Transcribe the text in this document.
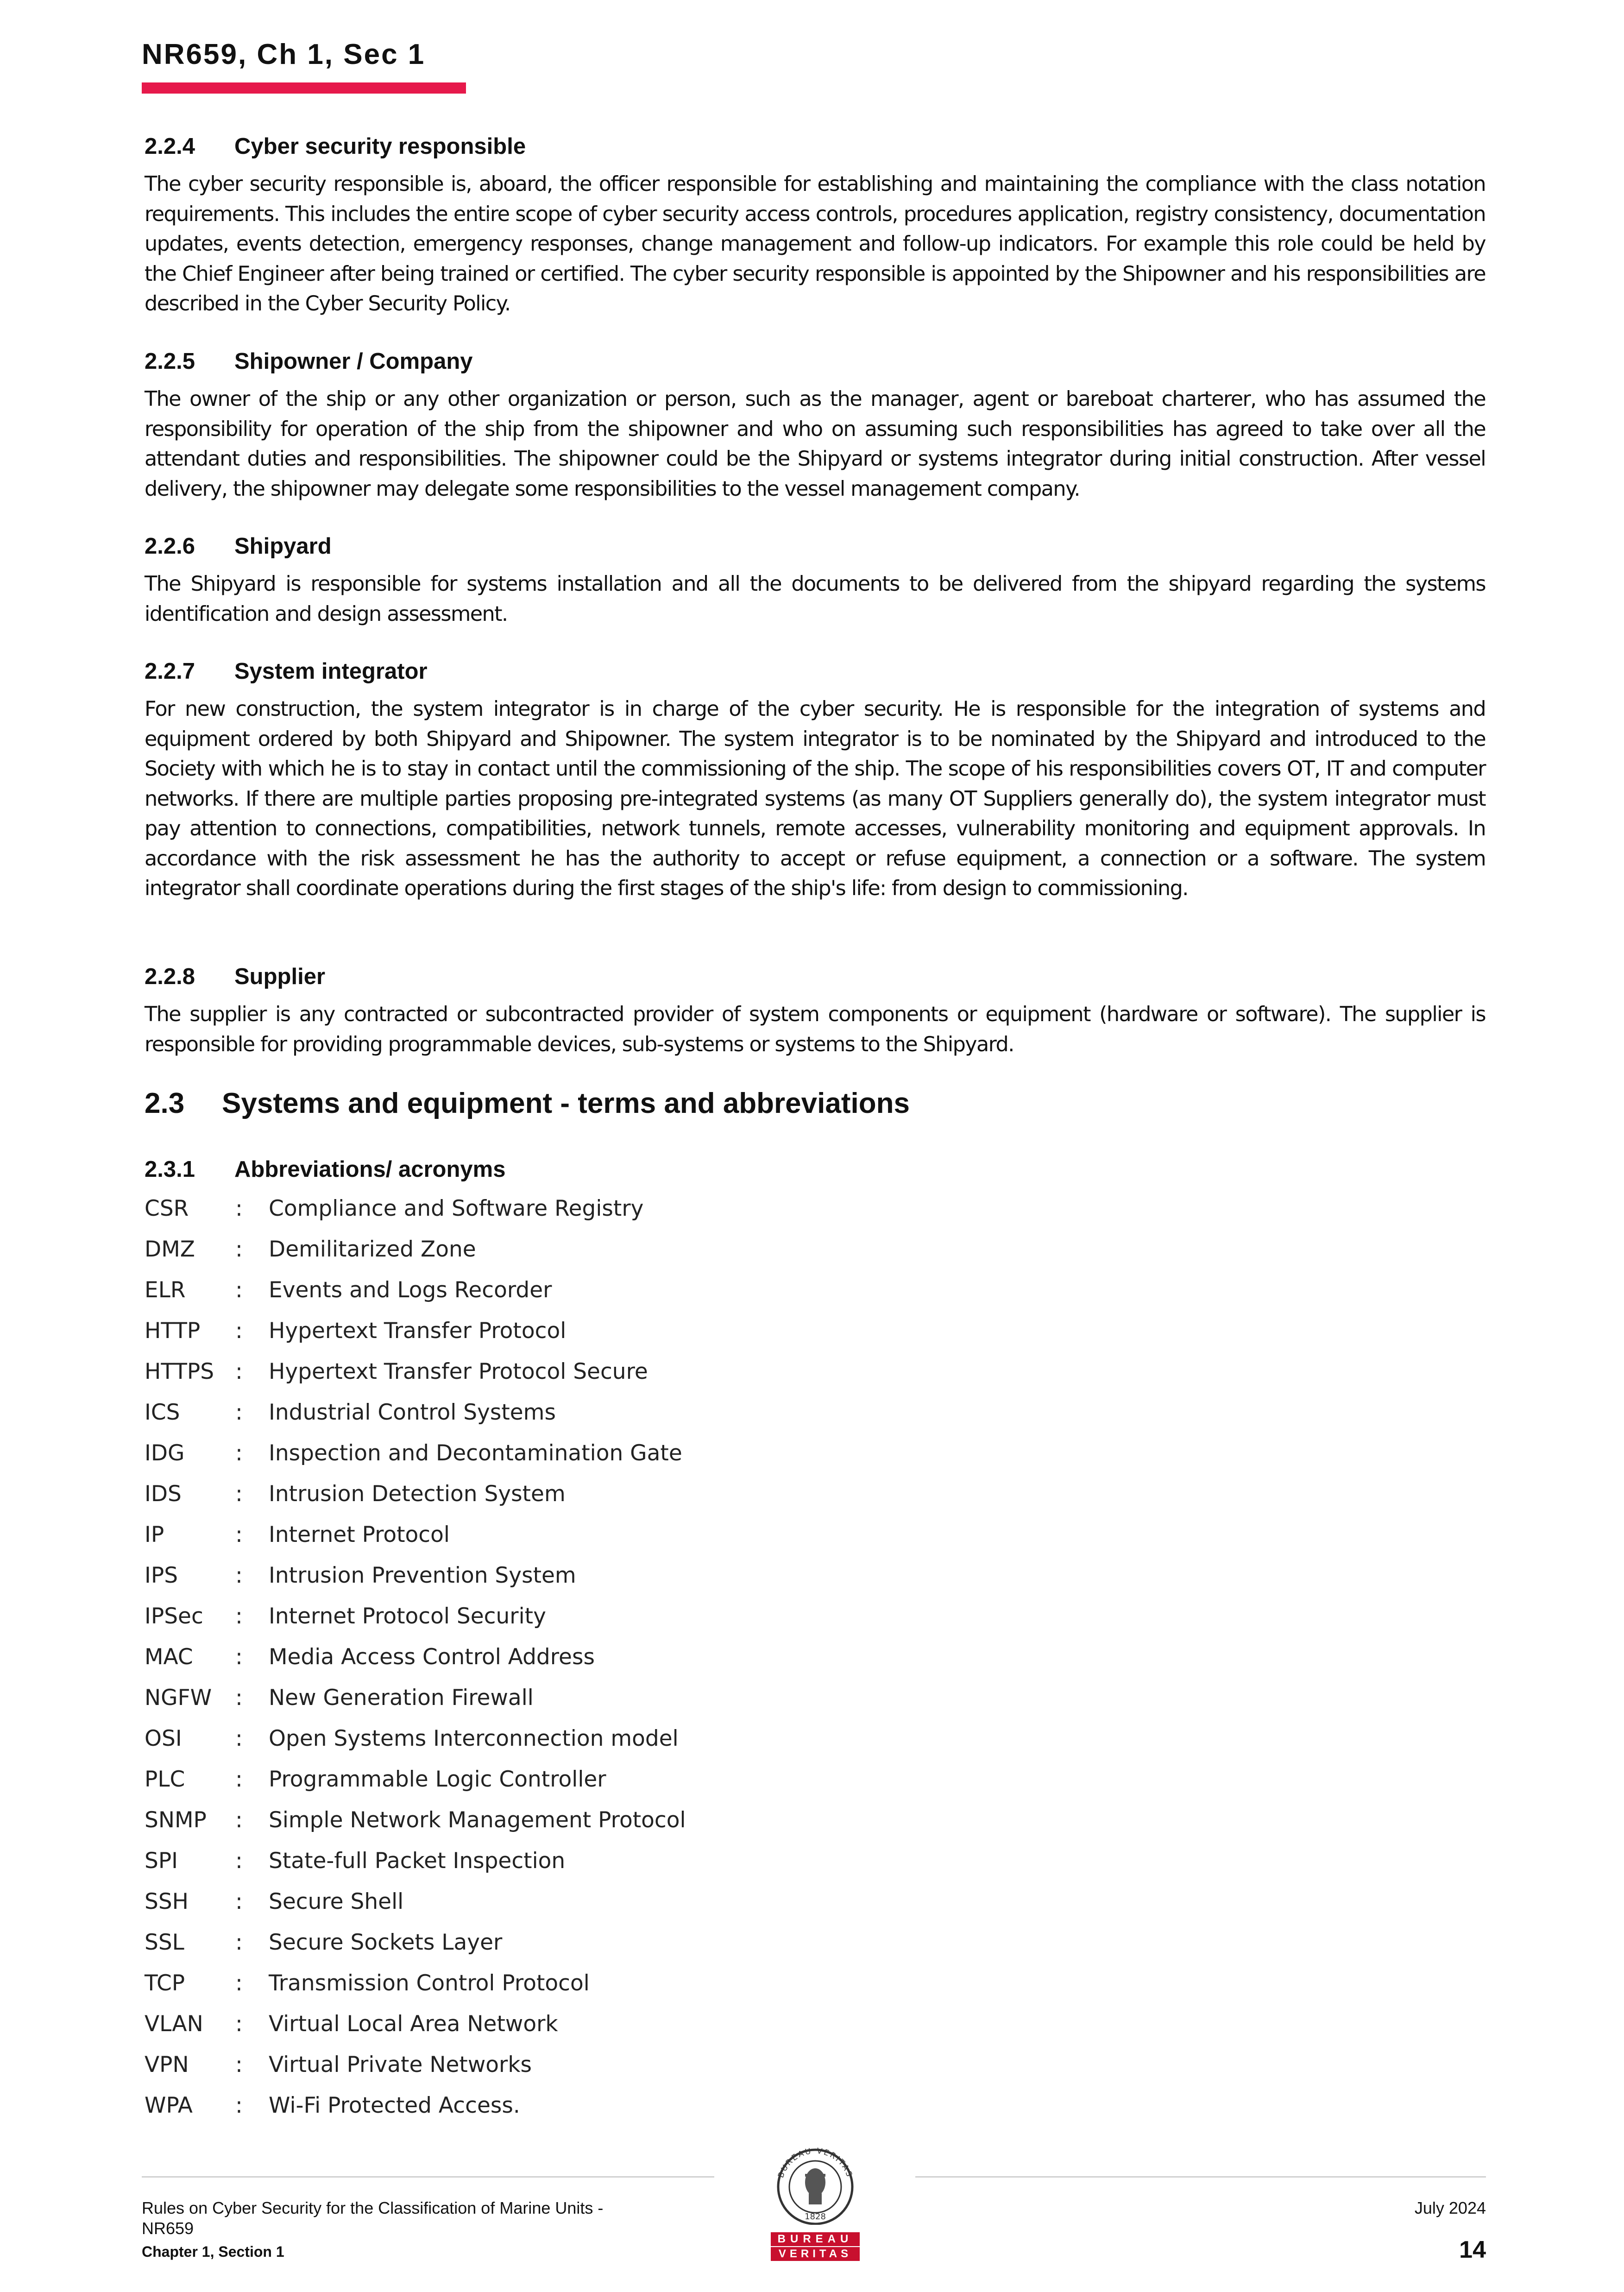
NR659, Ch 1, Sec 1
2.2.4 Cyber security responsible

The cyber security responsible is, aboard, the officer responsible for establishing and maintaining the compliance with the class notation requirements. This includes the entire scope of cyber security access controls, procedures application, registry consistency, documentation updates, events detection, emergency responses, change management and follow-up indicators. For example this role could be held by the Chief Engineer after being trained or certified. The cyber security responsible is appointed by the Shipowner and his responsibilities are described in the Cyber Security Policy.

2.2.5 Shipowner / Company

The owner of the ship or any other organization or person, such as the manager, agent or bareboat charterer, who has assumed the responsibility for operation of the ship from the shipowner and who on assuming such responsibilities has agreed to take over all the attendant duties and responsibilities. The shipowner could be the Shipyard or systems integrator during initial construction. After vessel delivery, the shipowner may delegate some responsibilities to the vessel management company.

2.2.6 Shipyard

The Shipyard is responsible for systems installation and all the documents to be delivered from the shipyard regarding the systems identification and design assessment.

2.2.7 System integrator

For new construction, the system integrator is in charge of the cyber security. He is responsible for the integration of systems and equipment ordered by both Shipyard and Shipowner. The system integrator is to be nominated by the Shipyard and introduced to the Society with which he is to stay in contact until the commissioning of the ship. The scope of his responsibilities covers OT, IT and computer networks. If there are multiple parties proposing pre-integrated systems (as many OT Suppliers generally do), the system integrator must pay attention to connections, compatibilities, network tunnels, remote accesses, vulnerability monitoring and equipment approvals. In accordance with the risk assessment he has the authority to accept or refuse equipment, a connection or a software. The system integrator shall coordinate operations during the first stages of the ship's life: from design to commissioning.

2.2.8 Supplier

The supplier is any contracted or subcontracted provider of system components or equipment (hardware or software). The supplier is responsible for providing programmable devices, sub-systems or systems to the Shipyard.

2.3 Systems and equipment - terms and abbreviations
2.3.1 Abbreviations/ acronyms
CSR : Compliance and Software Registry
DMZ : Demilitarized Zone
ELR : Events and Logs Recorder
HTTP : Hypertext Transfer Protocol
HTTPS : Hypertext Transfer Protocol Secure
ICS	: Industrial Control Systems
IDG : Inspection and Decontamination Gate
IDS : Intrusion Detection System
IP	: Internet Protocol
IPS	: Intrusion Prevention System
IPSec : Internet Protocol Security
MAC : Media Access Control Address
NGFW : New Generation Firewall
OSI : Open Systems Interconnection model
PLC : Programmable Logic Controller
SNMP : Simple Network Management Protocol
SPI	: State-full Packet Inspection
SSH : Secure Shell
SSL : Secure Sockets Layer
TCP : Transmission Control Protocol
VLAN : Virtual Local Area Network
VPN : Virtual Private Networks
WPA : Wi-Fi Protected Access.
Rules on Cyber Security for the Classification of Marine Units -
NR659
Chapter 1, Section 1
July 2024
14
BUREAU VERITAS
1828
BUREAU
VERITAS
